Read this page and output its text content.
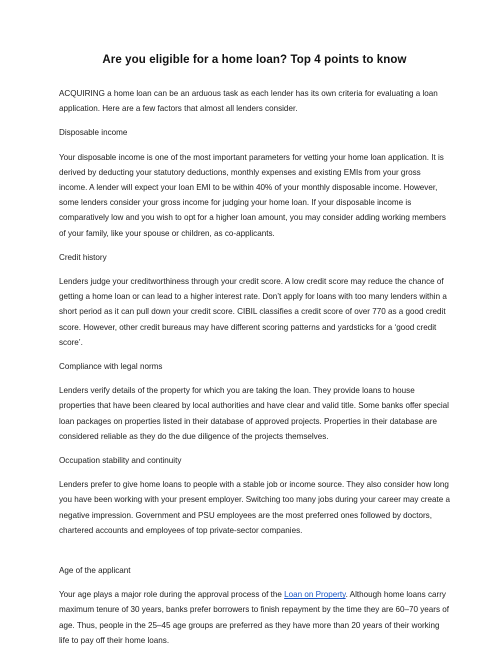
Are you eligible for a home loan? Top 4 points to know

ACQUIRING a home loan can be an arduous task as each lender has its own criteria for evaluating a loan application. Here are a few factors that almost all lenders consider.

Disposable income

Your disposable income is one of the most important parameters for vetting your home loan application. It is derived by deducting your statutory deductions, monthly expenses and existing EMIs from your gross income. A lender will expect your loan EMI to be within 40% of your monthly disposable income. However, some lenders consider your gross income for judging your home loan. If your disposable income is comparatively low and you wish to opt for a higher loan amount, you may consider adding working members of your family, like your spouse or children, as co-applicants.

Credit history

Lenders judge your creditworthiness through your credit score. A low credit score may reduce the chance of getting a home loan or can lead to a higher interest rate. Don’t apply for loans with too many lenders within a short period as it can pull down your credit score. CIBIL classifies a credit score of over 770 as a good credit score. However, other credit bureaus may have different scoring patterns and yardsticks for a ‘good credit score’.

Compliance with legal norms

Lenders verify details of the property for which you are taking the loan. They provide loans to house properties that have been cleared by local authorities and have clear and valid title. Some banks offer special loan packages on properties listed in their database of approved projects. Properties in their database are considered reliable as they do the due diligence of the projects themselves.

Occupation stability and continuity

Lenders prefer to give home loans to people with a stable job or income source. They also consider how long you have been working with your present employer. Switching too many jobs during your career may create a negative impression. Government and PSU employees are the most preferred ones followed by doctors, chartered accounts and employees of top private-sector companies.

Age of the applicant

Your age plays a major role during the approval process of the Loan on Property. Although home loans carry maximum tenure of 30 years, banks prefer borrowers to finish repayment by the time they are 60–70 years of age. Thus, people in the 25–45 age groups are preferred as they have more than 20 years of their working life to pay off their home loans.
